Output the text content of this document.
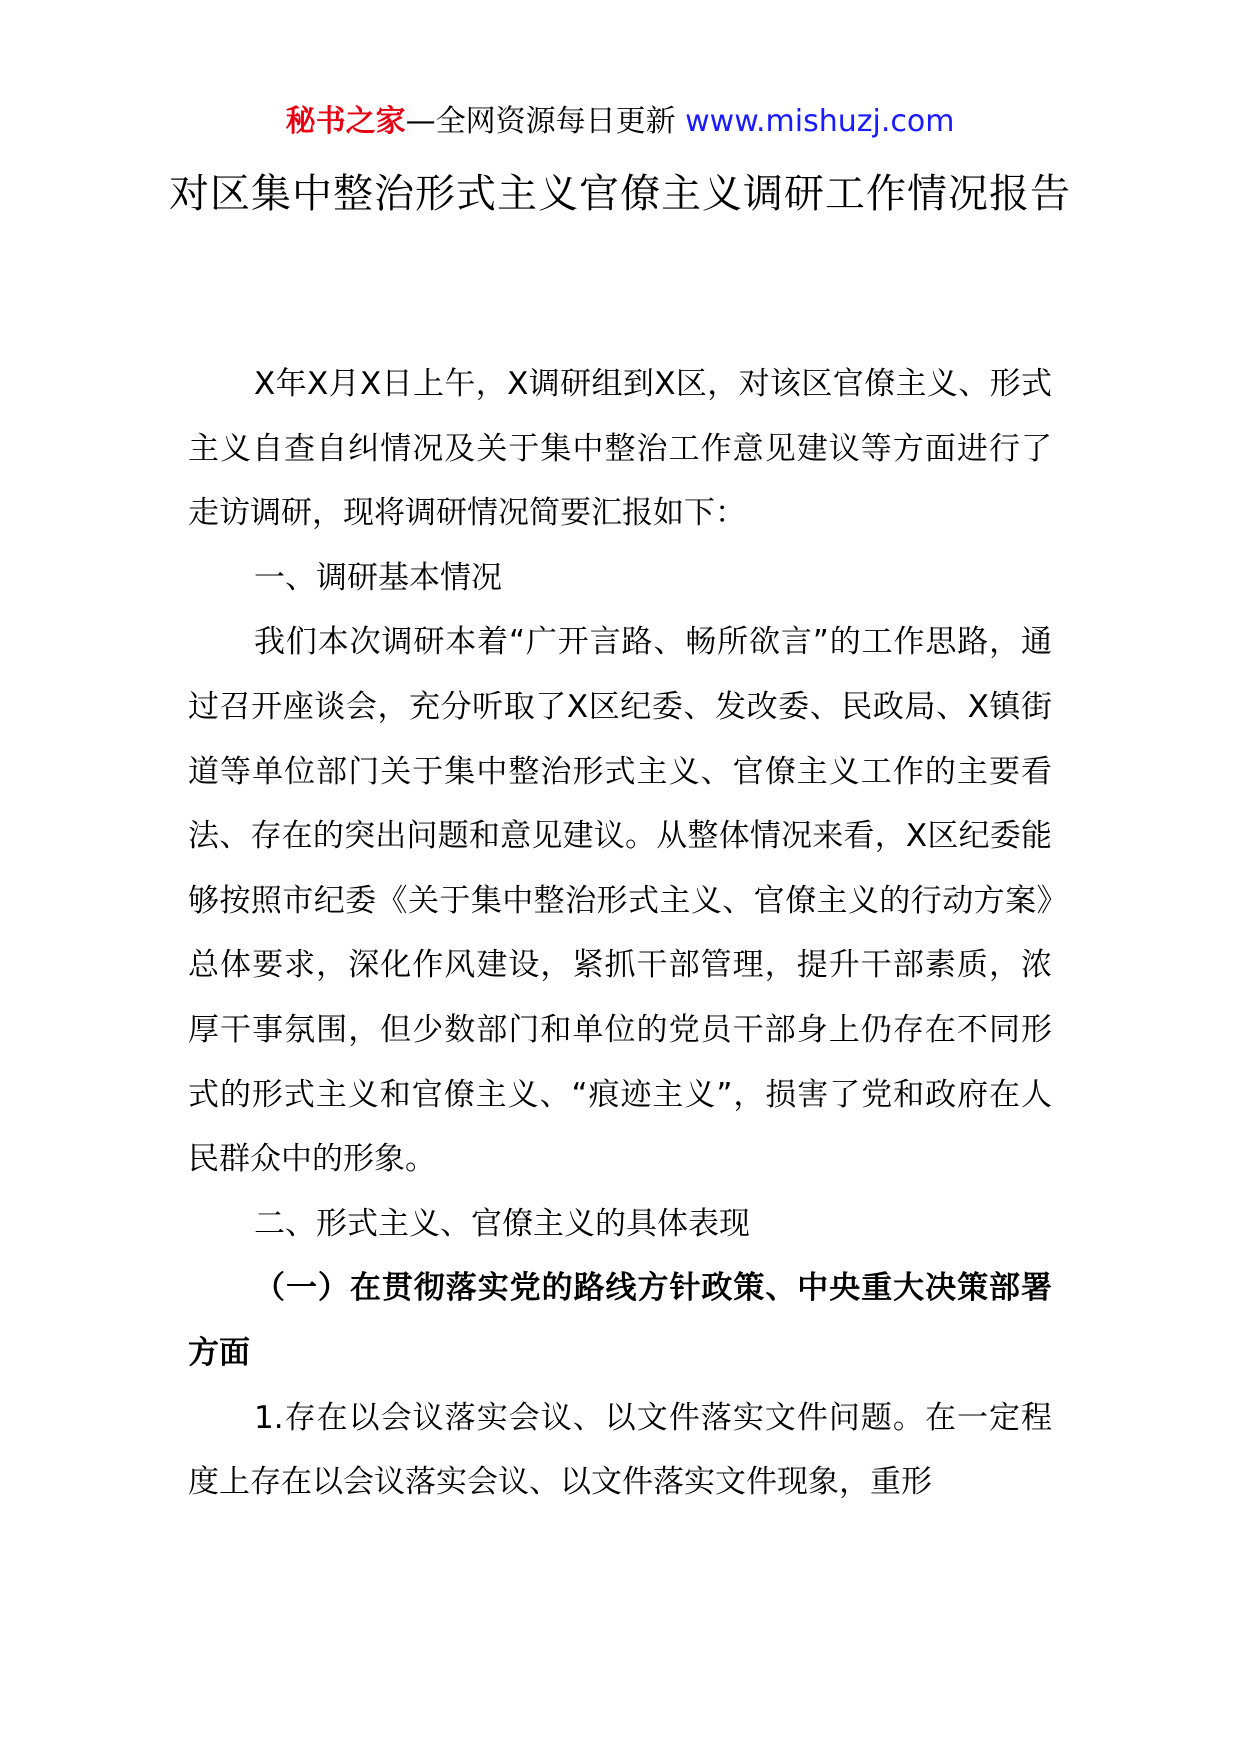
秘书之家—全网资源每日更新 www.mishuzj.com
对区集中整治形式主义官僚主义调研工作情况报告

X年X月X日上午，X调研组到X区，对该区官僚主义、形式主义自查自纠情况及关于集中整治工作意见建议等方面进行了走访调研，现将调研情况简要汇报如下：

一、调研基本情况

我们本次调研本着“广开言路、畅所欲言”的工作思路，通过召开座谈会，充分听取了X区纪委、发改委、民政局、X镇街道等单位部门关于集中整治形式主义、官僚主义工作的主要看法、存在的突出问题和意见建议。从整体情况来看，X区纪委能够按照市纪委《关于集中整治形式主义、官僚主义的行动方案》总体要求，深化作风建设，紧抓干部管理，提升干部素质，浓厚干事氛围，但少数部门和单位的党员干部身上仍存在不同形式的形式主义和官僚主义、“痕迹主义”，损害了党和政府在人民群众中的形象。

二、形式主义、官僚主义的具体表现

（一）在贯彻落实党的路线方针政策、中央重大决策部署方面

1.存在以会议落实会议、以文件落实文件问题。在一定程度上存在以会议落实会议、以文件落实文件现象，重形
